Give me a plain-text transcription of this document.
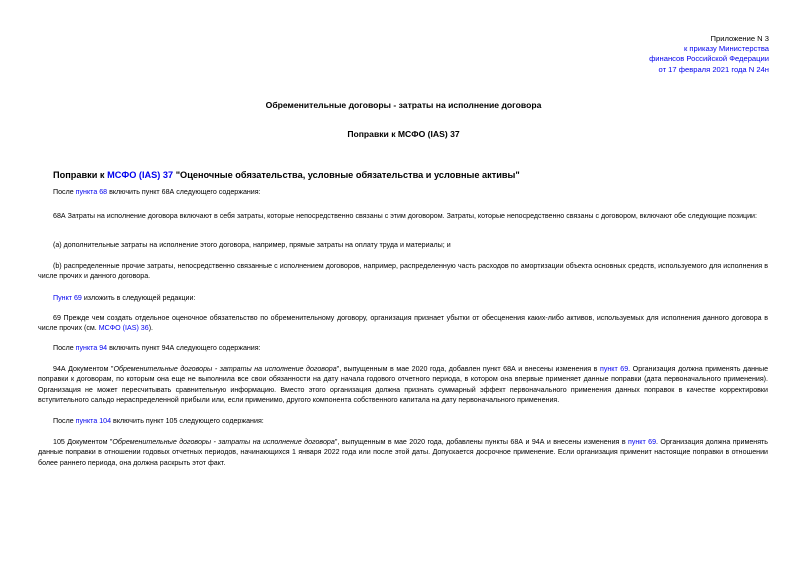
Приложение N 3
к приказу Министерства
финансов Российской Федерации
от 17 февраля 2021 года N 24н
Обременительные договоры - затраты на исполнение договора
Поправки к МСФО (IAS) 37
Поправки к МСФО (IAS) 37 "Оценочные обязательства, условные обязательства и условные активы"

После пункта 68 включить пункт 68А следующего содержания:

68А Затраты на исполнение договора включают в себя затраты, которые непосредственно связаны с этим договором. Затраты, которые непосредственно связаны с договором, включают обе следующие позиции:

(а) дополнительные затраты на исполнение этого договора, например, прямые затраты на оплату труда и материалы; и

(b) распределенные прочие затраты, непосредственно связанные с исполнением договоров, например, распределенную часть расходов по амортизации объекта основных средств, используемого для исполнения в числе прочих и данного договора.

Пункт 69 изложить в следующей редакции:

69 Прежде чем создать отдельное оценочное обязательство по обременительному договору, организация признает убытки от обесценения каких-либо активов, используемых для исполнения данного договора в числе прочих (см. МСФО (IAS) 36).

После пункта 94 включить пункт 94А следующего содержания:

94А Документом "Обременительные договоры - затраты на исполнение договора", выпущенным в мае 2020 года, добавлен пункт 68А и внесены изменения в пункт 69. Организация должна применять данные поправки к договорам, по которым она еще не выполнила все свои обязанности на дату начала годового отчетного периода, в котором она впервые применяет данные поправки (дата первоначального применения). Организация не может пересчитывать сравнительную информацию. Вместо этого организация должна признать суммарный эффект первоначального применения данных поправок в качестве корректировки вступительного сальдо нераспределенной прибыли или, если применимо, другого компонента собственного капитала на дату первоначального применения.

После пункта 104 включить пункт 105 следующего содержания:

105 Документом "Обременительные договоры - затраты на исполнение договора", выпущенным в мае 2020 года, добавлены пункты 68А и 94А и внесены изменения в пункт 69. Организация должна применять данные поправки в отношении годовых отчетных периодов, начинающихся 1 января 2022 года или после этой даты. Допускается досрочное применение. Если организация применит настоящие поправки в отношении более раннего периода, она должна раскрыть этот факт.
